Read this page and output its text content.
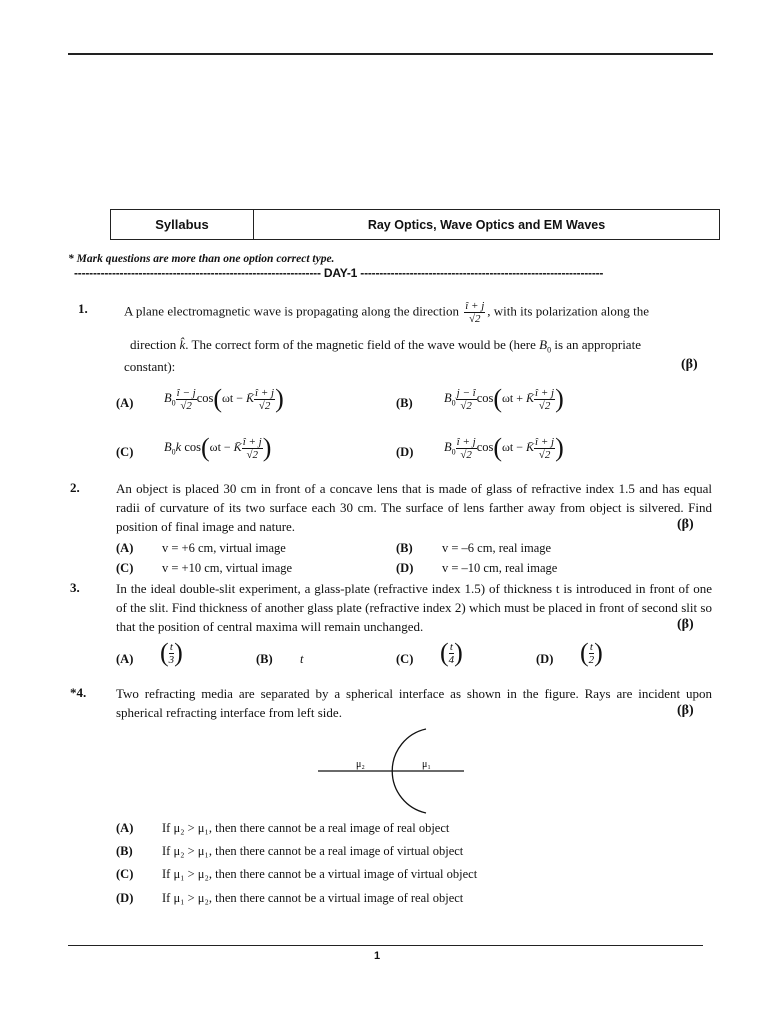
Syllabus	Ray Optics, Wave Optics and EM Waves
* Mark questions are more than one option correct type.
----------------------------------------------------------------- DAY-1 ----------------------------------------------------------------
1.	A plane electromagnetic wave is propagating along the direction $\frac{î + j}{√2}$ , with its polarization along the
direction k̂. The correct form of the magnetic field of the wave would be (here $B_0$ is an appropriate
constant):	(β)
(A) $B_0 \frac{î - j}{√2} \cos(\omega t$ − K̄ $\frac{î + j}{√2}$ )	(B)	$B_0 \frac{j - î}{√2} \cos(\omega t$ + K̄ $\frac{î + j}{√2}$ )
(C) $B_0k$ cos(ωt − K̄ $\frac{î + j}{√2}$ )	(D) $B_0 \frac{î + j}{√2} \cos(\omega t$ − K̄ $\frac{î + j}{√2}$ )
2.	An object is placed 30 cm in front of a concave lens that is made of glass of refractive index 1.5 and has equal radii of curvature of its two surface each 30 cm. The surface of lens farther away from object is silvered. Find position of final image and nature.	(β)
(A) v = +6 cm, virtual image	(B) v = –6 cm, real image
(C) v = +10 cm, virtual image	(D) v = –10 cm, real image
3.	In the ideal double-slit experiment, a glass-plate (refractive index 1.5) of thickness t is introduced in front of one of the slit. Find thickness of another glass plate (refractive index 2) which must be placed in front of second slit so that the position of central maxima will remain unchanged.	(β)
(A) ( $\frac{t}{3}$ )	(B) t	(C) ( $\frac{t}{4}$ )	(D) ( $\frac{t}{2}$ )
*4. Two refracting media are separated by a spherical interface as shown in the figure. Rays are incident upon spherical refracting interface from left side.	(β)
μ₂	μ₁
(A) If μ₂ > μ₁, then there cannot be a real image of real object
(B) If μ₂ > μ₁, then there cannot be a real image of virtual object
(C) If μ₁ > μ₂, then there cannot be a virtual image of virtual object
(D) If μ₁ > μ₂, then there cannot be a virtual image of real object
1
